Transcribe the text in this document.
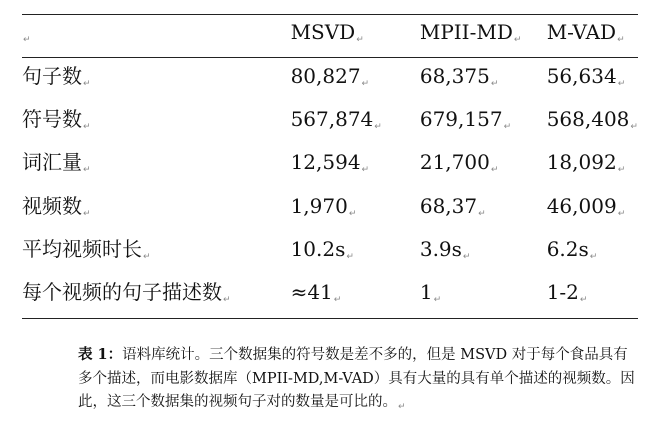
↵	MSVD↵	MPII-MD↵	M-VAD↵
句子数↵	80,827↵	68,375↵	56,634↵
符号数↵	567,874↵	679,157↵	568,408↵
词汇量↵	12,594↵	21,700↵	18,092↵
视频数↵	1,970↵	68,37↵	46,009↵
平均视频时长↵	10.2s↵	3.9s↵	6.2s↵
每个视频的句子描述数↵	≈41↵	1↵	1-2↵
表 1：语料库统计。三个数据集的符号数是差不多的，但是 MSVD 对于每个食品具有多个描述，而电影数据库（MPII-MD,M-VAD）具有大量的具有单个描述的视频数。因此，这三个数据集的视频句子对的数量是可比的。$_↵$
